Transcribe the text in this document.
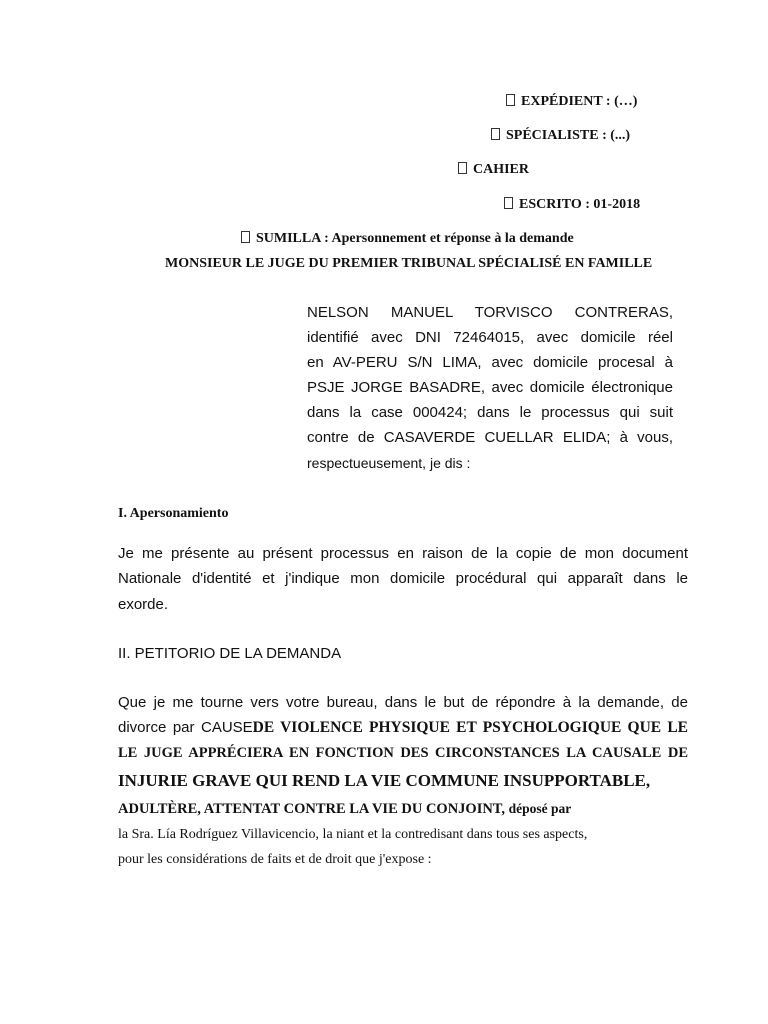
EXPÉDIENT : (…)
SPÉCIALISTE : (...)
CAHIER
ESCRITO : 01-2018
SUMILLA : Apersonnement et réponse à la demande
MONSIEUR LE JUGE DU PREMIER TRIBUNAL SPÉCIALISÉ EN FAMILLE
NELSON MANUEL TORVISCO CONTRERAS,
identifié avec DNI 72464015, avec domicile réel
en AV-PERU S/N LIMA, avec domicile procesal à
PSJE JORGE BASADRE, avec domicile électronique
dans la case 000424; dans le processus qui suit
contre de CASAVERDE CUELLAR ELIDA; à vous,
respectueusement, je dis :
I. Apersonamiento
Je me présente au présent processus en raison de la copie de mon document
Nationale d'identité et j'indique mon domicile procédural qui apparaît dans le
exorde.
II. PETITORIO DE LA DEMANDA
Que je me tourne vers votre bureau, dans le but de répondre à la demande, de
divorce par CAUSEDE VIOLENCE PHYSIQUE ET PSYCHOLOGIQUE QUE LE
LE JUGE APPRÉCIERA EN FONCTION DES CIRCONSTANCES LA CAUSALE DE
INJURIE GRAVE QUI REND LA VIE COMMUNE INSUPPORTABLE,
ADULTÈRE, ATTENTAT CONTRE LA VIE DU CONJOINT, déposé par
la Sra. Lía Rodríguez Villavicencio, la niant et la contredisant dans tous ses aspects,
pour les considérations de faits et de droit que j'expose :
